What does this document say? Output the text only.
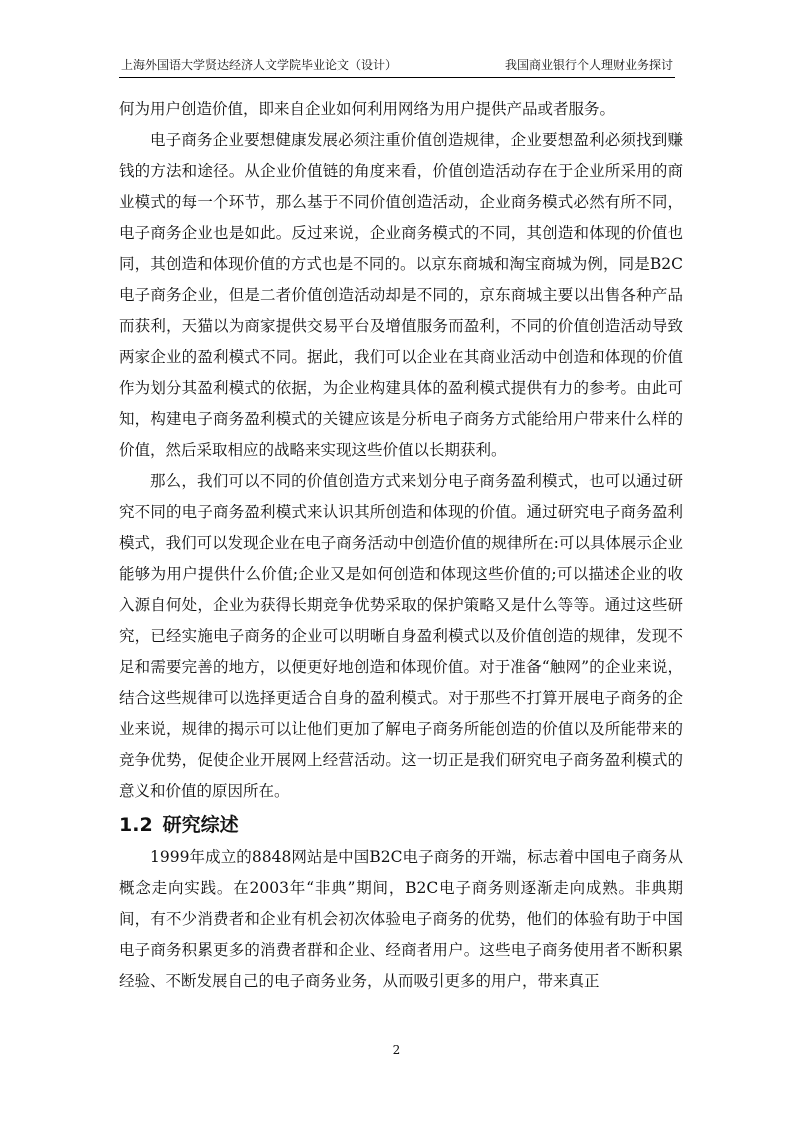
上海外国语大学贤达经济人文学院毕业论文（设计）	我国商业银行个人理财业务探讨

何为用户创造价值，即来自企业如何利用网络为用户提供产品或者服务。

电子商务企业要想健康发展必须注重价值创造规律，企业要想盈利必须找到赚钱的方法和途径。从企业价值链的角度来看，价值创造活动存在于企业所采用的商业模式的每一个环节，那么基于不同价值创造活动，企业商务模式必然有所不同，电子商务企业也是如此。反过来说，企业商务模式的不同，其创造和体现的价值也同，其创造和体现价值的方式也是不同的。以京东商城和淘宝商城为例，同是B2C电子商务企业，但是二者价值创造活动却是不同的，京东商城主要以出售各种产品而获利，天猫以为商家提供交易平台及增值服务而盈利，不同的价值创造活动导致两家企业的盈利模式不同。据此，我们可以企业在其商业活动中创造和体现的价值作为划分其盈利模式的依据，为企业构建具体的盈利模式提供有力的参考。由此可知，构建电子商务盈利模式的关键应该是分析电子商务方式能给用户带来什么样的价值，然后采取相应的战略来实现这些价值以长期获利。

那么，我们可以不同的价值创造方式来划分电子商务盈利模式，也可以通过研究不同的电子商务盈利模式来认识其所创造和体现的价值。通过研究电子商务盈利模式，我们可以发现企业在电子商务活动中创造价值的规律所在:可以具体展示企业能够为用户提供什么价值;企业又是如何创造和体现这些价值的;可以描述企业的收入源自何处，企业为获得长期竞争优势采取的保护策略又是什么等等。通过这些研究，已经实施电子商务的企业可以明晰自身盈利模式以及价值创造的规律，发现不足和需要完善的地方，以便更好地创造和体现价值。对于准备“触网”的企业来说，结合这些规律可以选择更适合自身的盈利模式。对于那些不打算开展电子商务的企业来说，规律的揭示可以让他们更加了解电子商务所能创造的价值以及所能带来的竞争优势，促使企业开展网上经营活动。这一切正是我们研究电子商务盈利模式的意义和价值的原因所在。

1.2 研究综述

1999年成立的8848网站是中国B2C电子商务的开端，标志着中国电子商务从概念走向实践。在2003年“非典”期间，B2C电子商务则逐渐走向成熟。非典期间，有不少消费者和企业有机会初次体验电子商务的优势，他们的体验有助于中国电子商务积累更多的消费者群和企业、经商者用户。这些电子商务使用者不断积累经验、不断发展自己的电子商务业务，从而吸引更多的用户，带来真正

2
